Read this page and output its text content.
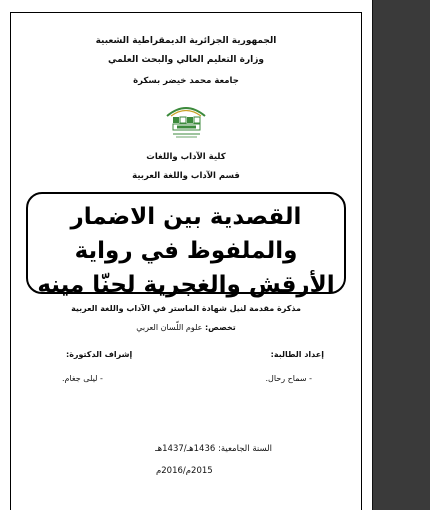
الجمهورية الجزائرية الديمقراطية الشعبية
وزارة التعليم العالي والبحث العلمي
جامعة محمد خيضر بسكرة
كلية الآداب واللغات
قسم الآداب واللغة العربية
القصدية بين الاضمار والملفوظ في رواية
الأرقش والغجرية لحنّا مينه
مذكرة مقدمة لنيل شهادة الماستر في الآداب واللغة العربية
تخصص: علوم اللّسان العربي
إعداد الطالبة:
- سماح رحال.
إشراف الدكتورة:
- ليلى جغام.
السنة الجامعية: 1436هـ/1437هـ
2015م/2016م
